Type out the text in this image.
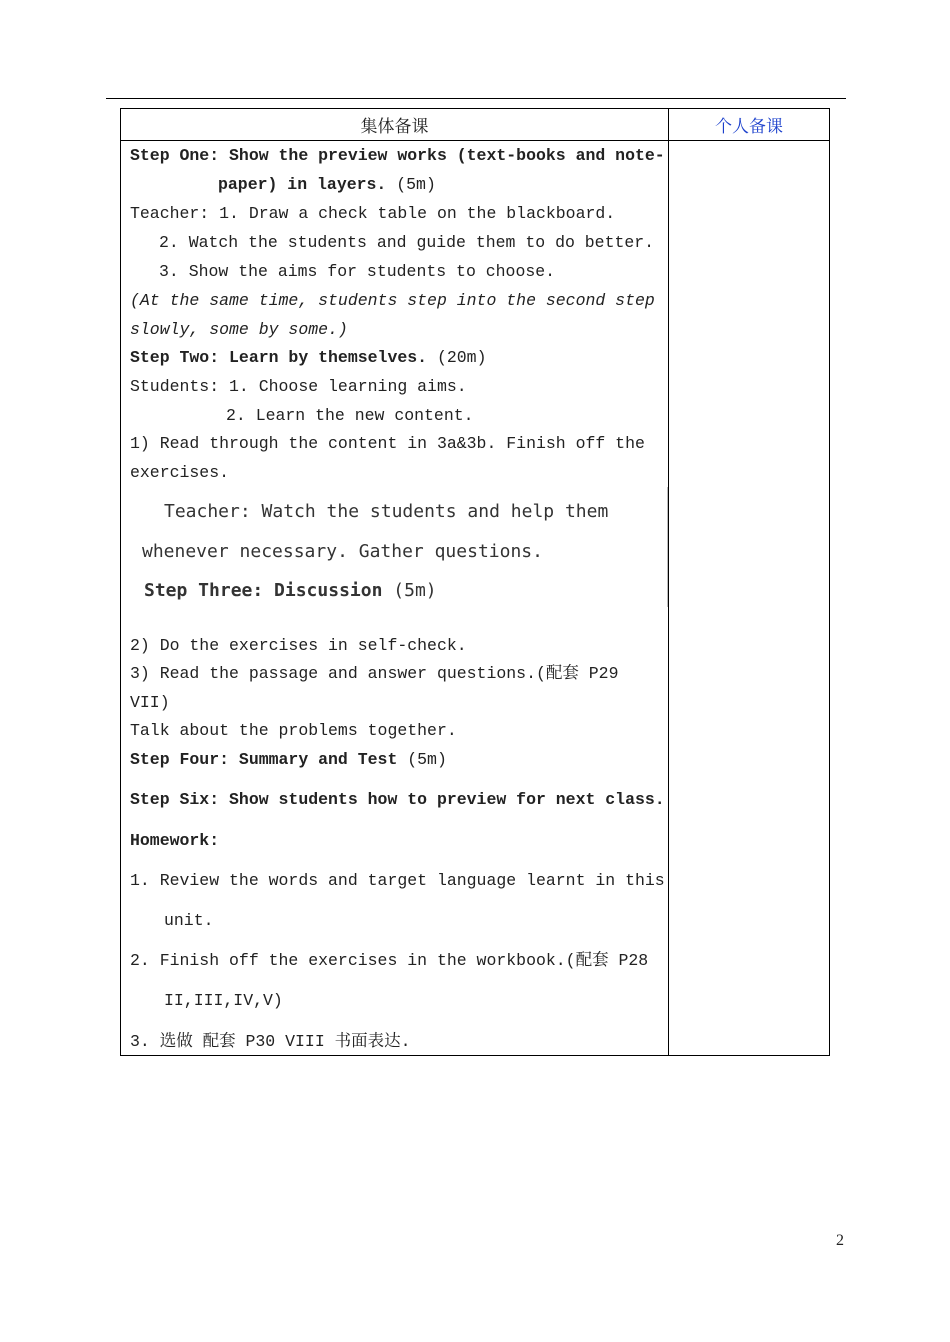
集体备课	个人备课
Step One: Show the preview works (text-books and note-
paper) in layers. (5m)
Teacher: 1. Draw a check table on the blackboard.
2. Watch the students and guide them to do better.
3. Show the aims for students to choose.
(At the same time, students step into the second step
slowly, some by some.)
Step Two: Learn by themselves. (20m)
Students: 1. Choose learning aims.
2. Learn the new content.
1) Read through the content in 3a&3b. Finish off the
exercises.
2) Do the exercises in self-check.
3) Read the passage and answer questions.(配套 P29
VII)
Talk about the problems together.
Step Four: Summary and Test (5m)
Step Six: Show students how to preview for next class.
Homework:
1. Review the words and target language learnt in this
unit.
2. Finish off the exercises in the workbook.(配套 P28
II,III,IV,V)
3. 选做 配套 P30 VIII 书面表达.
Teacher: Watch the students and help them
whenever necessary. Gather questions.
Step Three: Discussion (5m)
2
